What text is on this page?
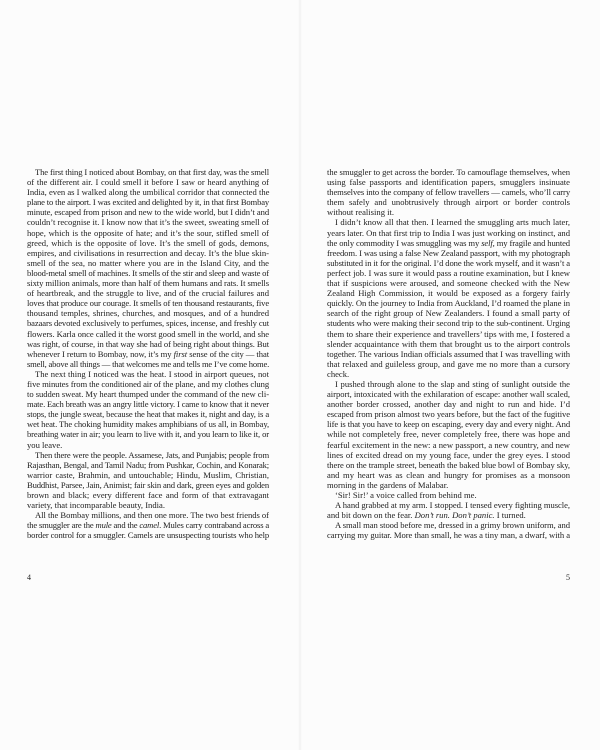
The first thing I noticed about Bombay, on that first day, was the smell
of the different air. I could smell it before I saw or heard anything of
India, even as I walked along the umbilical corridor that connected the
plane to the airport. I was excited and delighted by it, in that first Bombay
minute, escaped from prison and new to the wide world, but I didn’t and
couldn’t recognise it. I know now that it’s the sweet, sweating smell of
hope, which is the opposite of hate; and it’s the sour, stifled smell of
greed, which is the opposite of love. It’s the smell of gods, demons,
empires, and civilisations in resurrection and decay. It’s the blue skin-
smell of the sea, no matter where you are in the Island City, and the
blood-metal smell of machines. It smells of the stir and sleep and waste of
sixty million animals, more than half of them humans and rats. It smells
of heartbreak, and the struggle to live, and of the crucial failures and
loves that produce our courage. It smells of ten thousand restaurants, five
thousand temples, shrines, churches, and mosques, and of a hundred
bazaars devoted exclusively to perfumes, spices, incense, and freshly cut
flowers. Karla once called it the worst good smell in the world, and she
was right, of course, in that way she had of being right about things. But
whenever I return to Bombay, now, it’s my first sense of the city — that
smell, above all things — that welcomes me and tells me I’ve come home.
The next thing I noticed was the heat. I stood in airport queues, not
five minutes from the conditioned air of the plane, and my clothes clung
to sudden sweat. My heart thumped under the command of the new cli-
mate. Each breath was an angry little victory. I came to know that it never
stops, the jungle sweat, because the heat that makes it, night and day, is a
wet heat. The choking humidity makes amphibians of us all, in Bombay,
breathing water in air; you learn to live with it, and you learn to like it, or
you leave.
Then there were the people. Assamese, Jats, and Punjabis; people from
Rajasthan, Bengal, and Tamil Nadu; from Pushkar, Cochin, and Konarak;
warrior caste, Brahmin, and untouchable; Hindu, Muslim, Christian,
Buddhist, Parsee, Jain, Animist; fair skin and dark, green eyes and golden
brown and black; every different face and form of that extravagant
variety, that incomparable beauty, India.
All the Bombay millions, and then one more. The two best friends of
the smuggler are the mule and the camel. Mules carry contraband across a
border control for a smuggler. Camels are unsuspecting tourists who help
4
the smuggler to get across the border. To camouflage themselves, when
using false passports and identification papers, smugglers insinuate
themselves into the company of fellow travellers — camels, who’ll carry
them safely and unobtrusively through airport or border controls
without realising it.
I didn’t know all that then. I learned the smuggling arts much later,
years later. On that first trip to India I was just working on instinct, and
the only commodity I was smuggling was my self, my fragile and hunted
freedom. I was using a false New Zealand passport, with my photograph
substituted in it for the original. I’d done the work myself, and it wasn’t a
perfect job. I was sure it would pass a routine examination, but I knew
that if suspicions were aroused, and someone checked with the New
Zealand High Commission, it would be exposed as a forgery fairly
quickly. On the journey to India from Auckland, I’d roamed the plane in
search of the right group of New Zealanders. I found a small party of
students who were making their second trip to the sub-continent. Urging
them to share their experience and travellers’ tips with me, I fostered a
slender acquaintance with them that brought us to the airport controls
together. The various Indian officials assumed that I was travelling with
that relaxed and guileless group, and gave me no more than a cursory
check.
I pushed through alone to the slap and sting of sunlight outside the
airport, intoxicated with the exhilaration of escape: another wall scaled,
another border crossed, another day and night to run and hide. I’d
escaped from prison almost two years before, but the fact of the fugitive
life is that you have to keep on escaping, every day and every night. And
while not completely free, never completely free, there was hope and
fearful excitement in the new: a new passport, a new country, and new
lines of excited dread on my young face, under the grey eyes. I stood
there on the trample street, beneath the baked blue bowl of Bombay sky,
and my heart was as clean and hungry for promises as a monsoon
morning in the gardens of Malabar.
‘Sir! Sir!’ a voice called from behind me.
A hand grabbed at my arm. I stopped. I tensed every fighting muscle,
and bit down on the fear. Don’t run. Don’t panic. I turned.
A small man stood before me, dressed in a grimy brown uniform, and
carrying my guitar. More than small, he was a tiny man, a dwarf, with a
5
